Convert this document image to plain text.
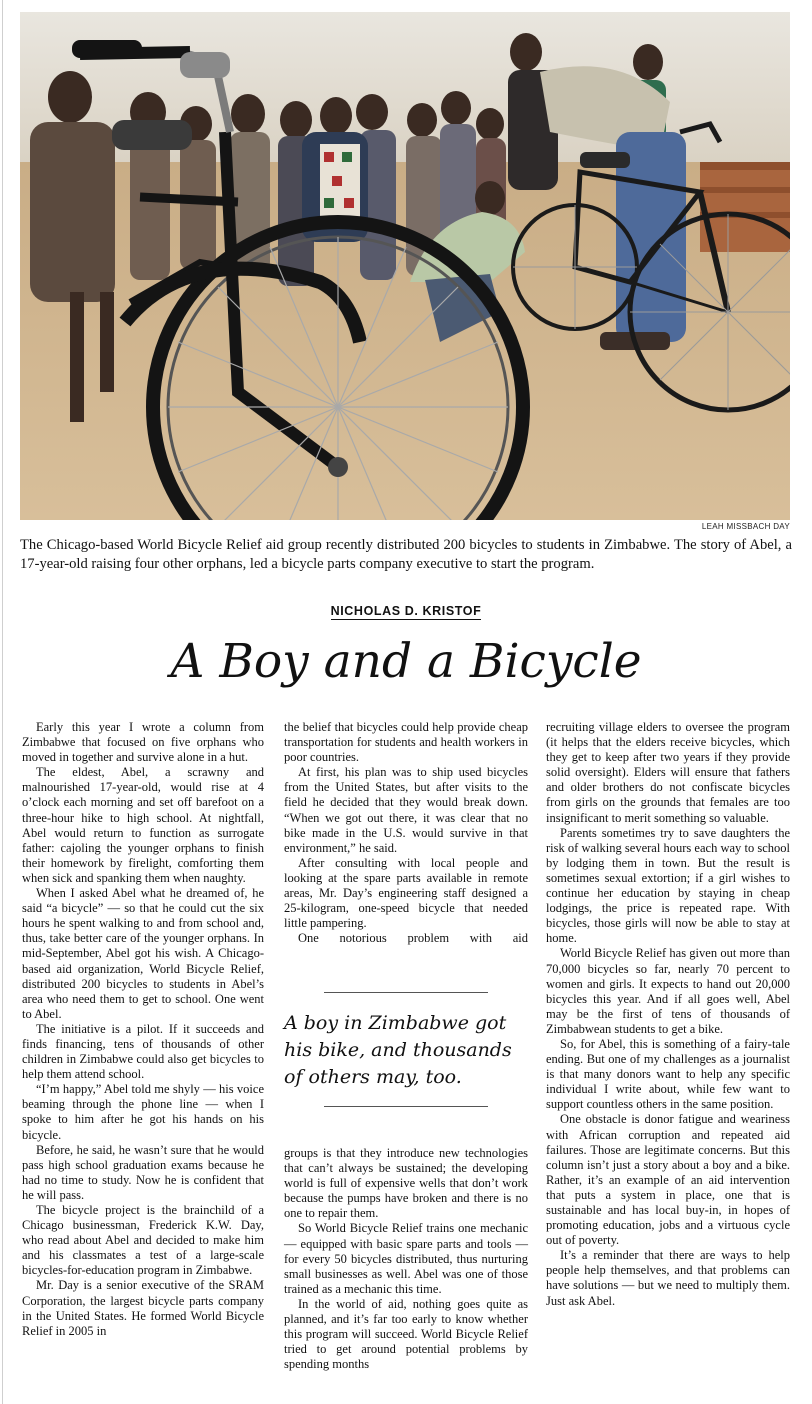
LEAH MISSBACH DAY
The Chicago-based World Bicycle Relief aid group recently distributed 200 bicycles to students in Zimbabwe. The story of Abel, a 17-year-old raising four other orphans, led a bicycle parts company executive to start the program.
NICHOLAS D. KRISTOF
A Boy and a Bicycle

Early this year I wrote a column from Zimbabwe that focused on five orphans who moved in together and survive alone in a hut.

The eldest, Abel, a scrawny and malnourished 17-year-old, would rise at 4 o’clock each morning and set off barefoot on a three-hour hike to high school. At nightfall, Abel would return to function as surrogate father: cajoling the younger orphans to finish their homework by firelight, comforting them when sick and spanking them when naughty.

When I asked Abel what he dreamed of, he said “a bicycle” — so that he could cut the six hours he spent walking to and from school and, thus, take better care of the younger orphans. In mid-September, Abel got his wish. A Chicago-based aid organization, World Bicycle Relief, distributed 200 bicycles to students in Abel’s area who need them to get to school. One went to Abel.

The initiative is a pilot. If it succeeds and finds financing, tens of thousands of other children in Zimbabwe could also get bicycles to help them attend school.

“I’m happy,” Abel told me shyly — his voice beaming through the phone line — when I spoke to him after he got his hands on his bicycle.

Before, he said, he wasn’t sure that he would pass high school graduation exams because he had no time to study. Now he is confident that he will pass.

The bicycle project is the brainchild of a Chicago businessman, Frederick K.W. Day, who read about Abel and decided to make him and his classmates a test of a large-scale bicycles-for-education program in Zimbabwe.

Mr. Day is a senior executive of the SRAM Corporation, the largest bicycle parts company in the United States. He formed World Bicycle Relief in 2005 in

the belief that bicycles could help provide cheap transportation for students and health workers in poor countries.

At first, his plan was to ship used bicycles from the United States, but after visits to the field he decided that they would break down. “When we got out there, it was clear that no bike made in the U.S. would survive in that environment,” he said.

After consulting with local people and looking at the spare parts available in remote areas, Mr. Day’s engineering staff designed a 25-kilogram, one-speed bicycle that needed little pampering.

One notorious problem with aid

A boy in Zimbabwe got his bike, and thousands of others may, too.

groups is that they introduce new technologies that can’t always be sustained; the developing world is full of expensive wells that don’t work because the pumps have broken and there is no one to repair them.

So World Bicycle Relief trains one mechanic — equipped with basic spare parts and tools — for every 50 bicycles distributed, thus nurturing small businesses as well. Abel was one of those trained as a mechanic this time.

In the world of aid, nothing goes quite as planned, and it’s far too early to know whether this program will succeed. World Bicycle Relief tried to get around potential problems by spending months

recruiting village elders to oversee the program (it helps that the elders receive bicycles, which they get to keep after two years if they provide solid oversight). Elders will ensure that fathers and older brothers do not confiscate bicycles from girls on the grounds that females are too insignificant to merit something so valuable.

Parents sometimes try to save daughters the risk of walking several hours each way to school by lodging them in town. But the result is sometimes sexual extortion; if a girl wishes to continue her education by staying in cheap lodgings, the price is repeated rape. With bicycles, those girls will now be able to stay at home.

World Bicycle Relief has given out more than 70,000 bicycles so far, nearly 70 percent to women and girls. It expects to hand out 20,000 bicycles this year. And if all goes well, Abel may be the first of tens of thousands of Zimbabwean students to get a bike.

So, for Abel, this is something of a fairy-tale ending. But one of my challenges as a journalist is that many donors want to help any specific individual I write about, while few want to support countless others in the same position.

One obstacle is donor fatigue and weariness with African corruption and repeated aid failures. Those are legitimate concerns. But this column isn’t just a story about a boy and a bike. Rather, it’s an example of an aid intervention that puts a system in place, one that is sustainable and has local buy-in, in hopes of promoting education, jobs and a virtuous cycle out of poverty.

It’s a reminder that there are ways to help people help themselves, and that problems can have solutions — but we need to multiply them. Just ask Abel.
